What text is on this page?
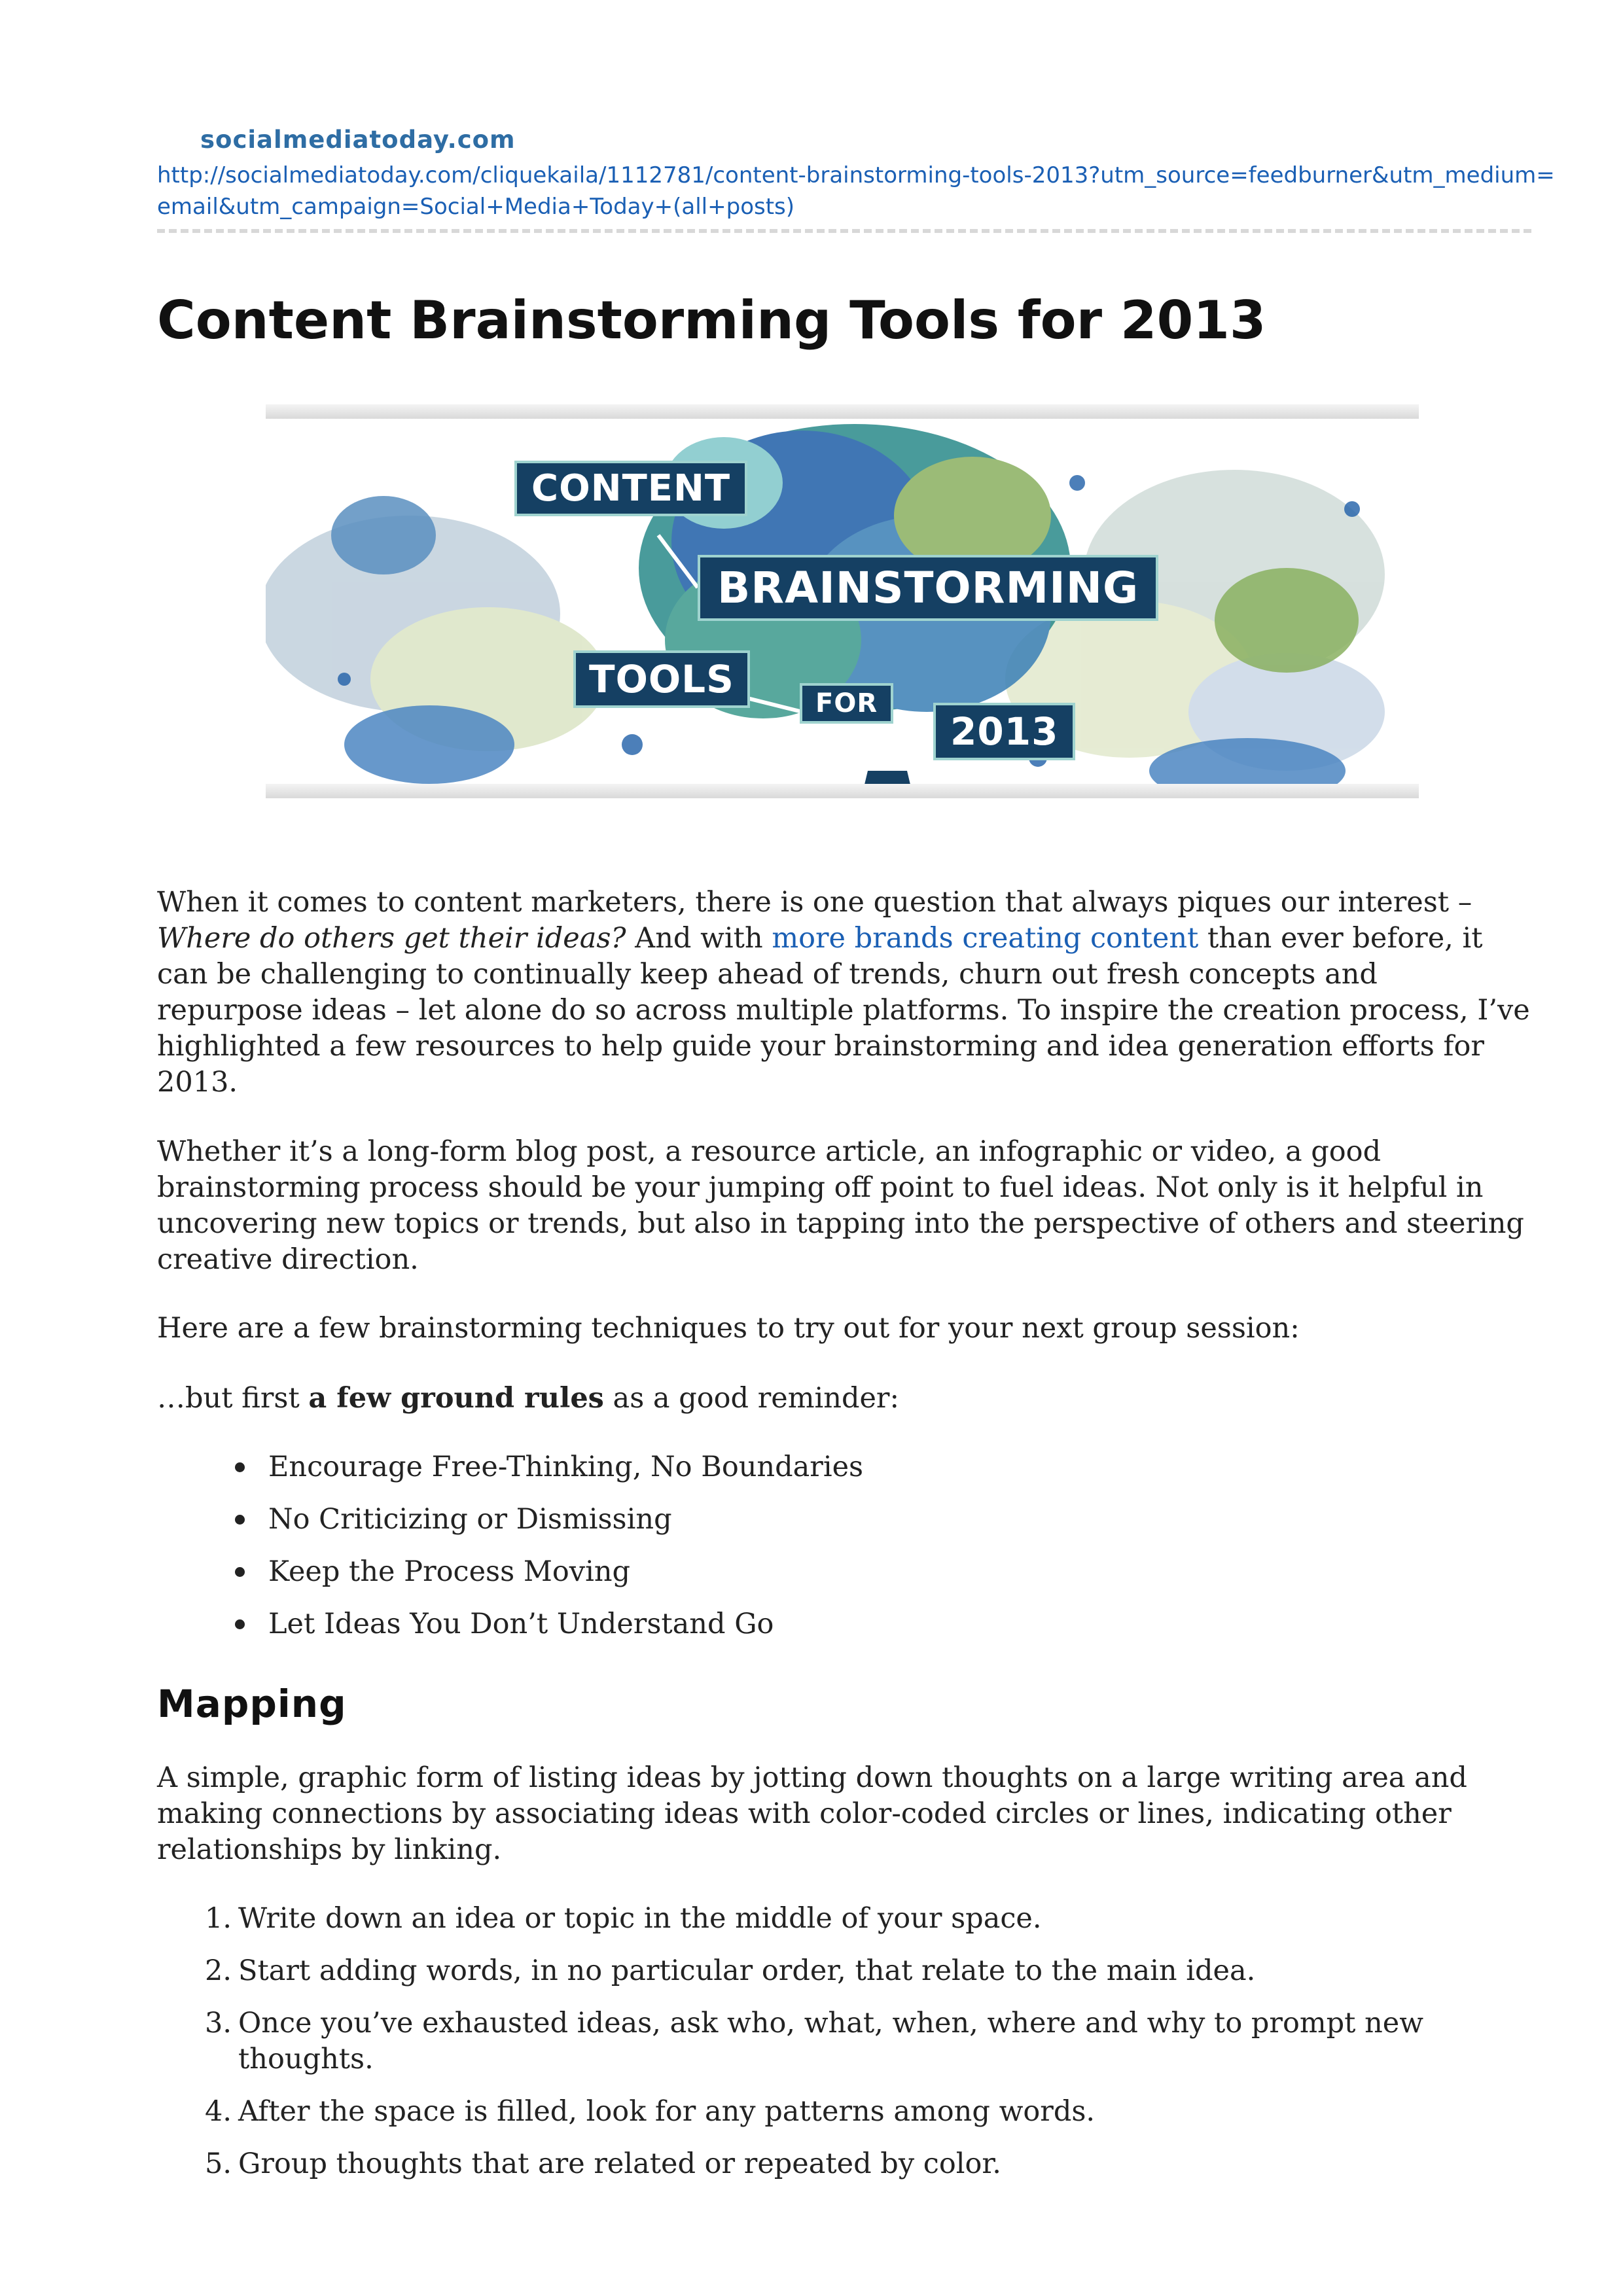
socialmediatoday.com
http://socialmediatoday.com/cliquekaila/1112781/content-brainstorming-tools-2013?utm_source=feedburner&utm_medium=email&utm_campaign=Social+Media+Today+(all+posts)
Content Brainstorming Tools for 2013
CONTENT
BRAINSTORMING
TOOLS
FOR
2013

When it comes to content marketers, there is one question that always piques our interest – Where do others get their ideas? And with more brands creating content than ever before, it can be challenging to continually keep ahead of trends, churn out fresh concepts and repurpose ideas – let alone do so across multiple platforms. To inspire the creation process, I’ve highlighted a few resources to help guide your brainstorming and idea generation efforts for 2013.

Whether it’s a long-form blog post, a resource article, an infographic or video, a good brainstorming process should be your jumping off point to fuel ideas. Not only is it helpful in uncovering new topics or trends, but also in tapping into the perspective of others and steering creative direction.

Here are a few brainstorming techniques to try out for your next group session:

…but first a few ground rules as a good reminder:

Encourage Free-Thinking, No Boundaries
No Criticizing or Dismissing
Keep the Process Moving
Let Ideas You Don’t Understand Go
Mapping

A simple, graphic form of listing ideas by jotting down thoughts on a large writing area and making connections by associating ideas with color-coded circles or lines, indicating other relationships by linking.

1. Write down an idea or topic in the middle of your space.
2. Start adding words, in no particular order, that relate to the main idea.
3. Once you’ve exhausted ideas, ask who, what, when, where and why to prompt new thoughts.
4. After the space is filled, look for any patterns among words.
5. Group thoughts that are related or repeated by color.
